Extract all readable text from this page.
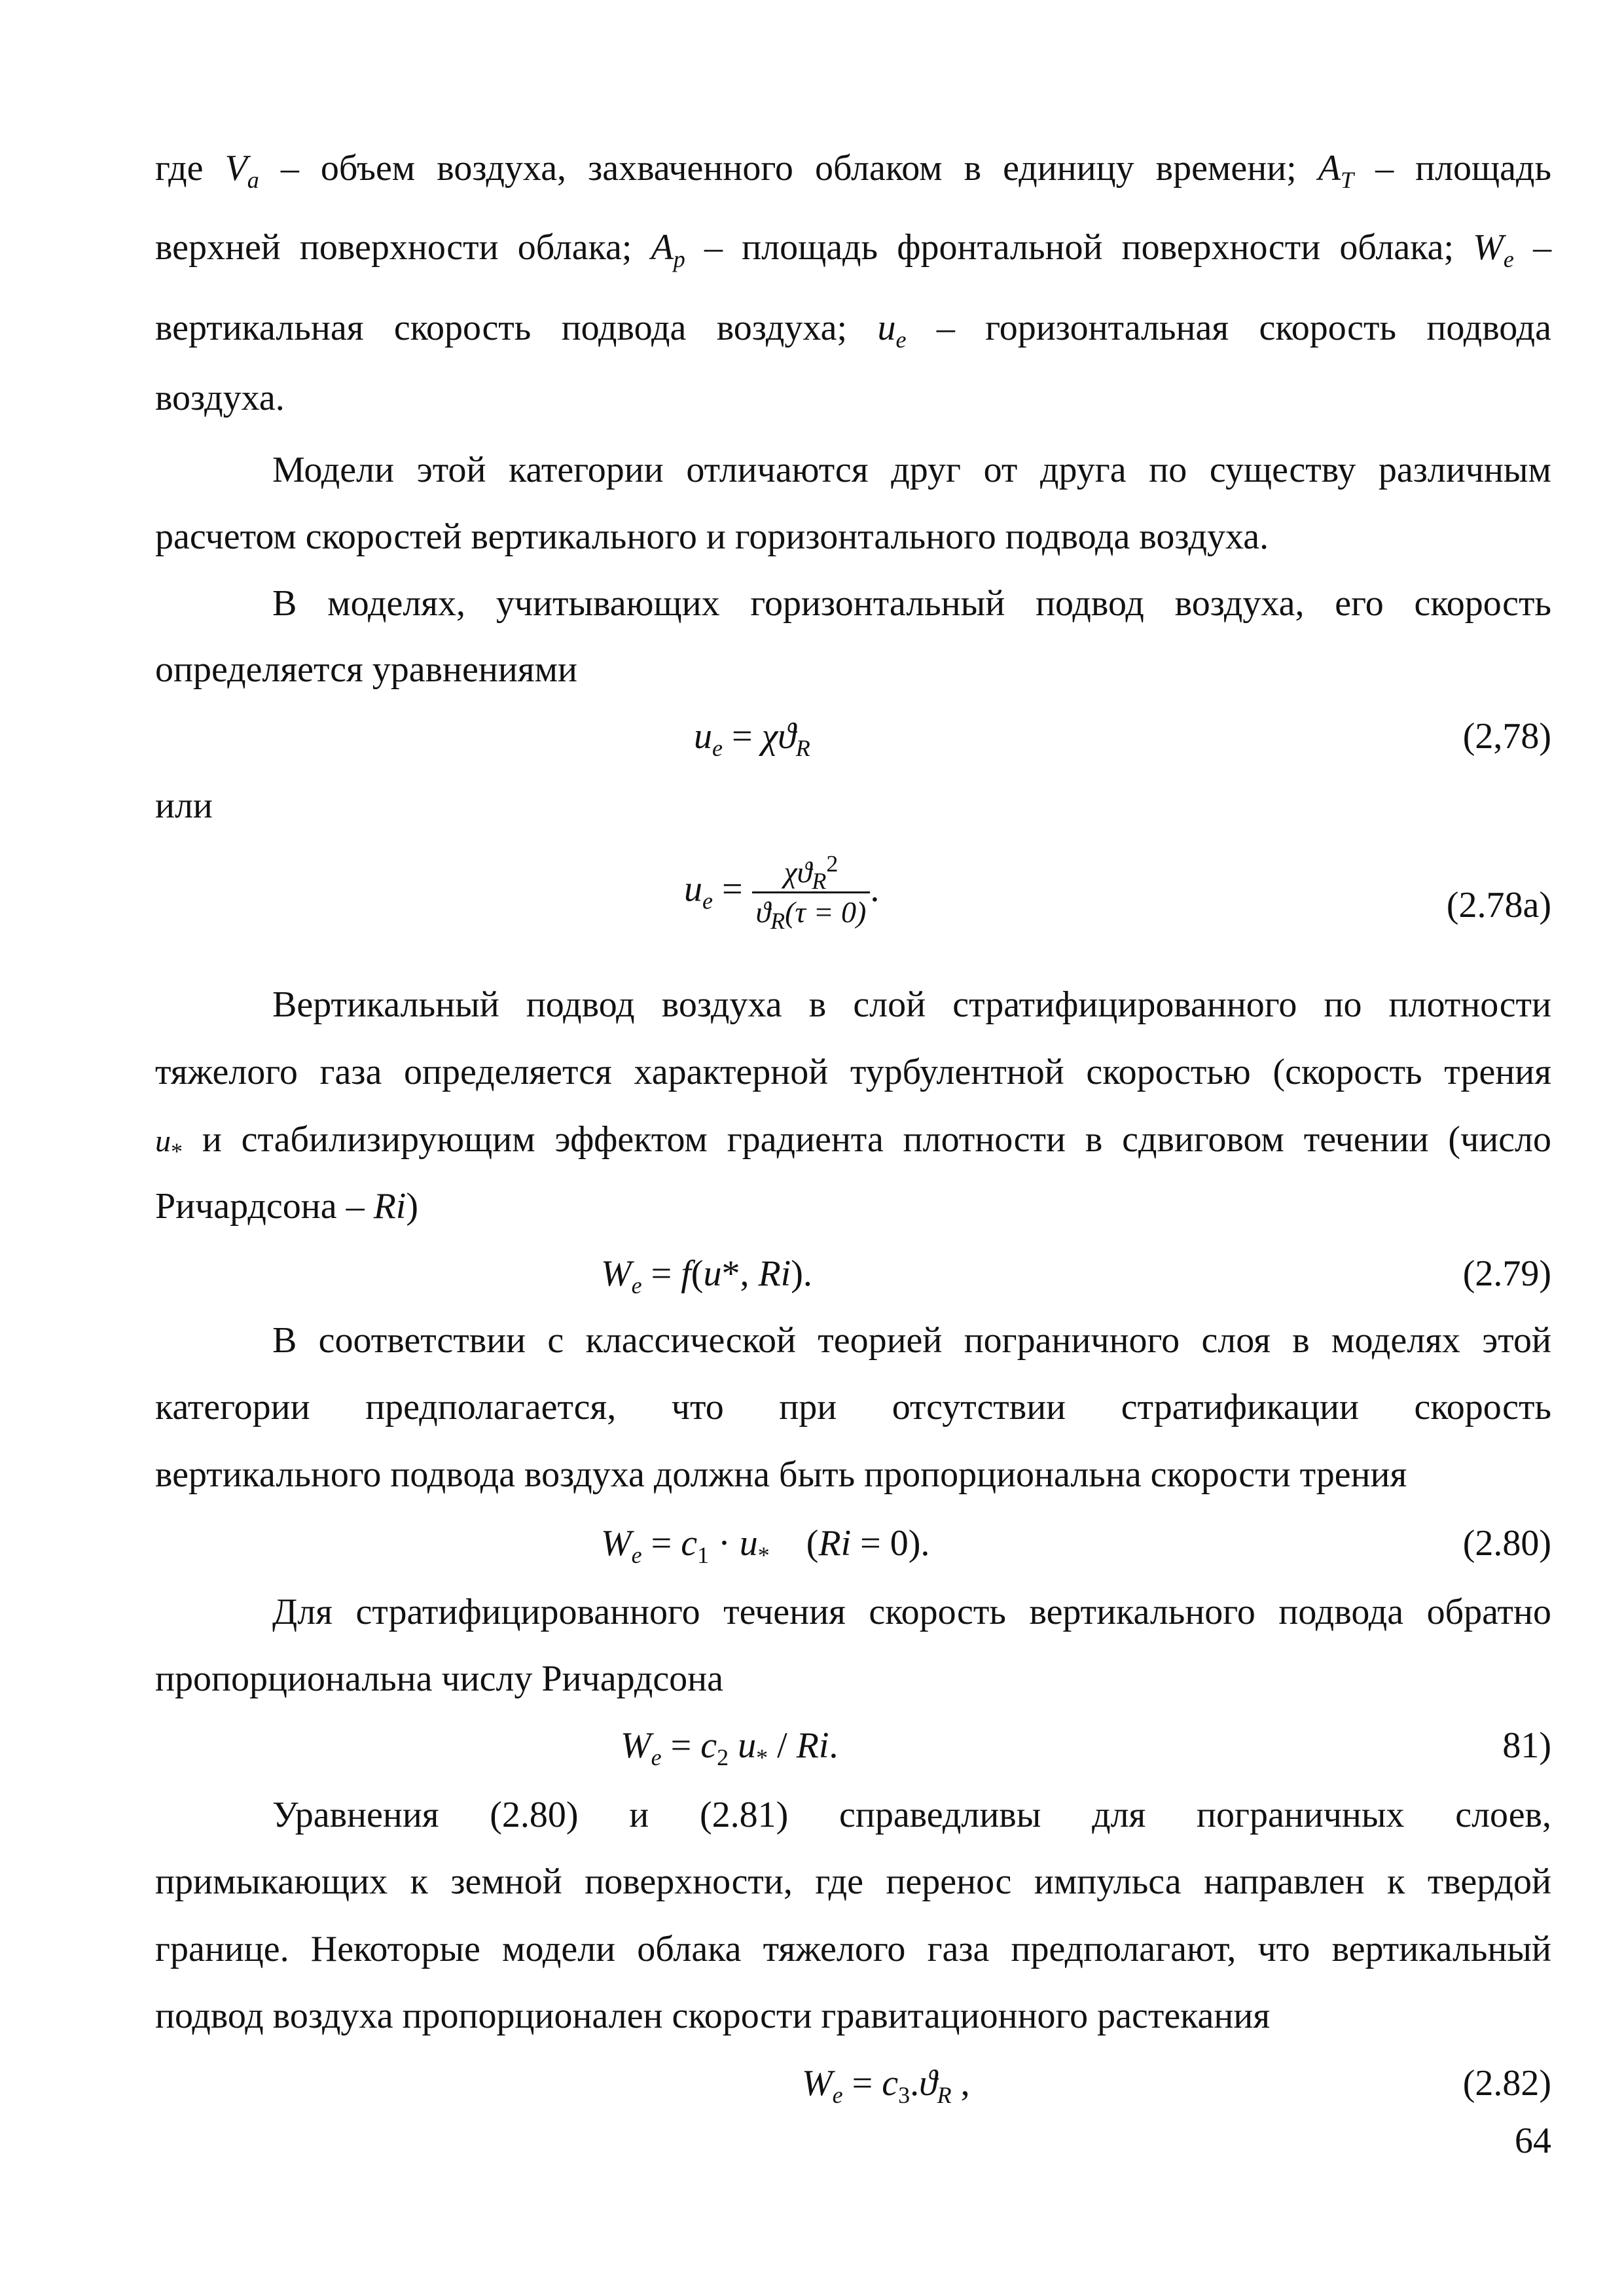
где $V_a$ – объем воздуха, захваченного облаком в единицу времени; $A_T$ – площадь
верхней поверхности облака; $A_p$ – площадь фронтальной поверхности облака; $W_e$ –
вертикальная скорость подвода воздуха; $u_e$ – горизонтальная скорость подвода
воздуха.
Модели этой категории отличаются друг от друга по существу различным
расчетом скоростей вертикального и горизонтального подвода воздуха.
В моделях, учитывающих горизонтальный подвод воздуха, его скорость
определяется уравнениями
$u_e = \chi ϑ_R$	(2,78)
или
$u_e = \frac{\chi ϑ_R^2}{ϑ_R(\tau = 0)}$ .	(2.78a)
Вертикальный подвод воздуха в слой стратифицированного по плотности
тяжелого газа определяется характерной турбулентной скоростью (скорость трения
$u_*$ и стабилизирующим эффектом градиента плотности в сдвиговом течении (число
Ричардсона – Ri)
$W_e = f(u*$, Ri).	(2.79)
В соответствии с классической теорией пограничного слоя в моделях этой
категории предполагается, что при отсутствии стратификации скорость
вертикального подвода воздуха должна быть пропорциональна скорости трения
$W_e = c_1 \cdot u_*$ (Ri = 0).	(2.80)
Для стратифицированного течения скорость вертикального подвода обратно
пропорциональна числу Ричардсона
$W_e = c_2$ $u_*$ / Ri.	81)
Уравнения (2.80) и (2.81) справедливы для пограничных слоев,
примыкающих к земной поверхности, где перенос импульса направлен к твердой
границе. Некоторые модели облака тяжелого газа предполагают, что вертикальный
подвод воздуха пропорционален скорости гравитационного растекания
$W_e = c_3.ϑ_R$ ,	(2.82)
64
